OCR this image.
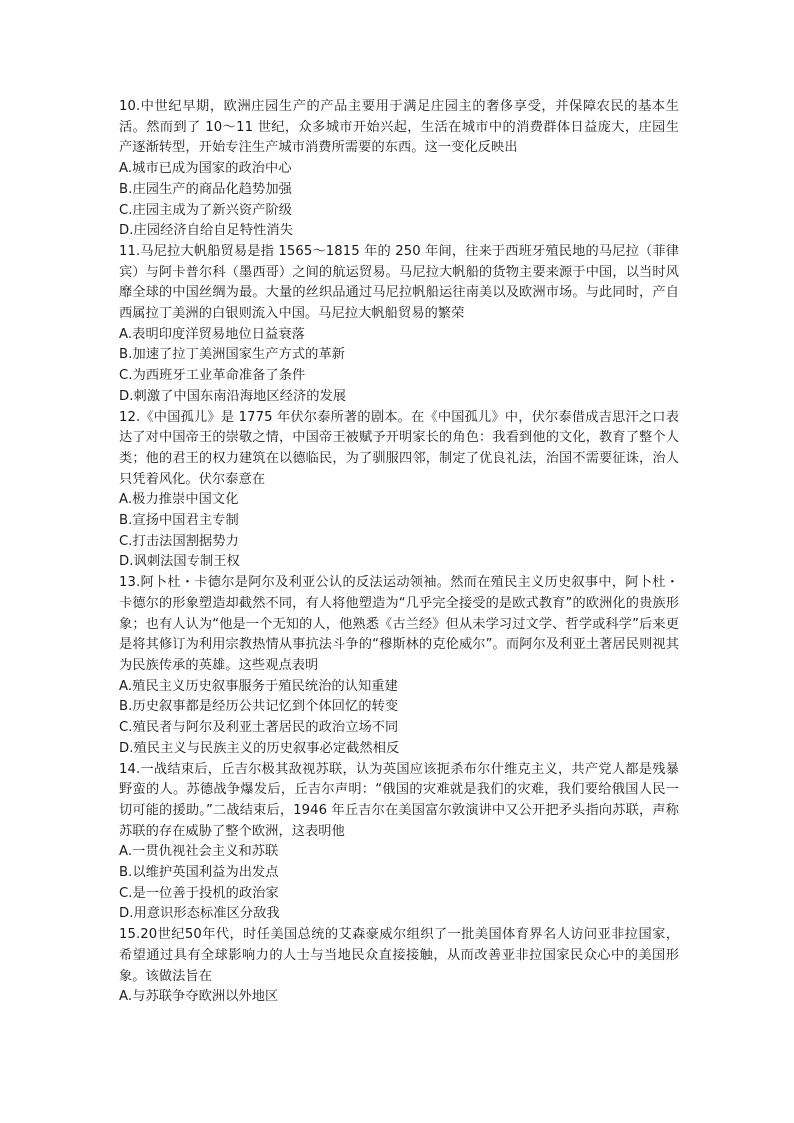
10.中世纪早期，欧洲庄园生产的产品主要用于满足庄园主的奢侈享受，并保障农民的基本生活。然而到了 10～11 世纪，众多城市开始兴起，生活在城市中的消费群体日益庞大，庄园生产逐渐转型，开始专注生产城市消费所需要的东西。这一变化反映出

A.城市已成为国家的政治中心

B.庄园生产的商品化趋势加强

C.庄园主成为了新兴资产阶级

D.庄园经济自给自足特性消失

11.马尼拉大帆船贸易是指 1565～1815 年的 250 年间，往来于西班牙殖民地的马尼拉（菲律宾）与阿卡普尔科（墨西哥）之间的航运贸易。马尼拉大帆船的货物主要来源于中国，以当时风靡全球的中国丝绸为最。大量的丝织品通过马尼拉帆船运往南美以及欧洲市场。与此同时，产自西属拉丁美洲的白银则流入中国。马尼拉大帆船贸易的繁荣

A.表明印度洋贸易地位日益衰落

B.加速了拉丁美洲国家生产方式的革新

C.为西班牙工业革命准备了条件

D.刺激了中国东南沿海地区经济的发展

12.《中国孤儿》是 1775 年伏尔泰所著的剧本。在《中国孤儿》中，伏尔泰借成吉思汗之口表达了对中国帝王的崇敬之情，中国帝王被赋予开明家长的角色：我看到他的文化，教育了整个人类；他的君王的权力建筑在以德临民，为了驯服四邻，制定了优良礼法，治国不需要征诛，治人只凭着风化。伏尔泰意在

A.极力推崇中国文化

B.宣扬中国君主专制

C.打击法国割据势力

D.讽刺法国专制王权

13.阿卜杜・卡德尔是阿尔及利亚公认的反法运动领袖。然而在殖民主义历史叙事中，阿卜杜・卡德尔的形象塑造却截然不同，有人将他塑造为“几乎完全接受的是欧式教育”的欧洲化的贵族形象；也有人认为“他是一个无知的人，他熟悉《古兰经》但从未学习过文学、哲学或科学”后来更是将其修订为利用宗教热情从事抗法斗争的“穆斯林的克伦威尔”。而阿尔及利亚土著居民则视其为民族传承的英雄。这些观点表明

A.殖民主义历史叙事服务于殖民统治的认知重建

B.历史叙事都是经历公共记忆到个体回忆的转变

C.殖民者与阿尔及利亚土著居民的政治立场不同

D.殖民主义与民族主义的历史叙事必定截然相反

14.一战结束后，丘吉尔极其敌视苏联，认为英国应该扼杀布尔什维克主义，共产党人都是残暴野蛮的人。苏德战争爆发后，丘吉尔声明：“俄国的灾难就是我们的灾难，我们要给俄国人民一切可能的援助。”二战结束后，1946 年丘吉尔在美国富尔敦演讲中又公开把矛头指向苏联，声称苏联的存在威胁了整个欧洲，这表明他

A.一贯仇视社会主义和苏联

B.以维护英国利益为出发点

C.是一位善于投机的政治家

D.用意识形态标准区分敌我

15.20世纪50年代，时任美国总统的艾森豪威尔组织了一批美国体育界名人访问亚非拉国家，希望通过具有全球影响力的人士与当地民众直接接触，从而改善亚非拉国家民众心中的美国形象。该做法旨在

A.与苏联争夺欧洲以外地区
